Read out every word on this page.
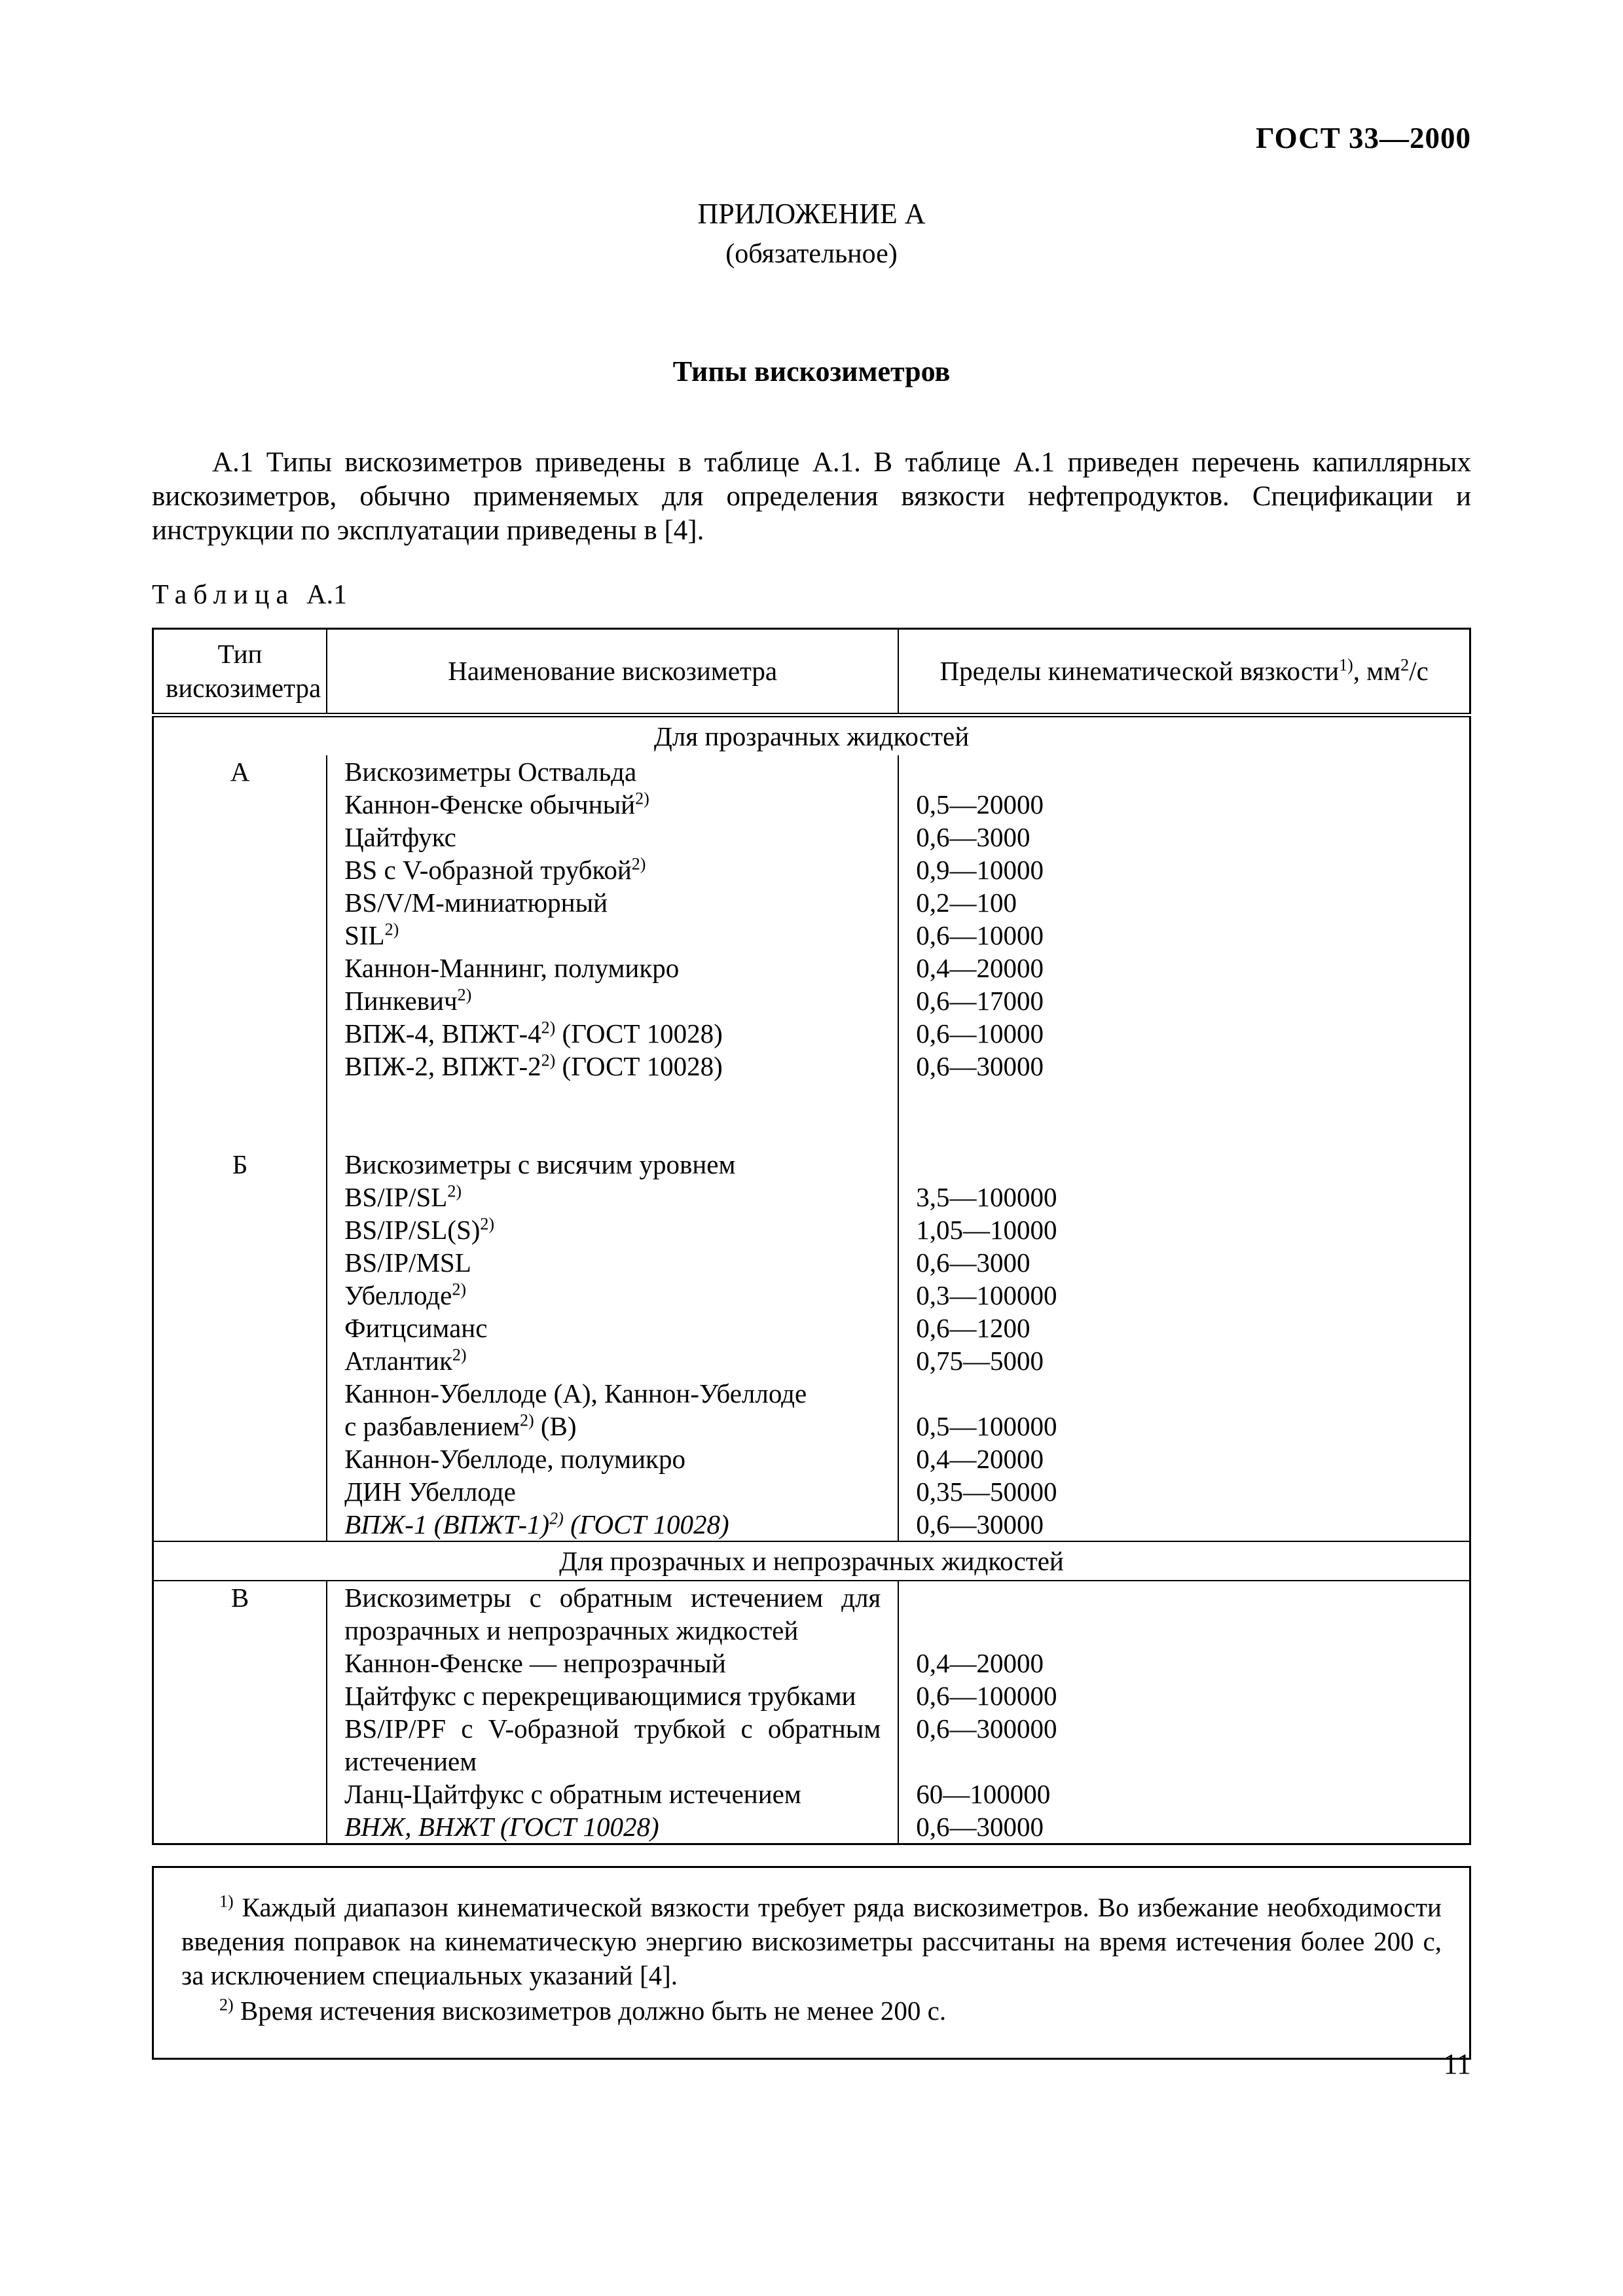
ГОСТ 33—2000
ПРИЛОЖЕНИЕ А
(обязательное)
Типы вискозиметров

А.1 Типы вискозиметров приведены в таблице А.1. В таблице А.1 приведен перечень капиллярных вискозиметров, обычно применяемых для определения вязкости нефтепродуктов. Спецификации и инструкции по эксплуатации приведены в [4].

Таблица А.1
Тип вискозиметра	Наименование вискозиметра	Пределы кинематической вязкости$^{1)}$, $мм^2/с$
Для прозрачных жидкостей		
А	Вискозиметры Оствальда	
	Каннон-Фенске обычный$^{2)}$	0,5—20000
	Цайтфукс	0,6—3000
	BS с V-образной трубкой$^{2)}$	0,9—10000
	BS/V/M-миниатюрный	0,2—100
	SIL$^{2)}$	0,6—10000
	Каннон-Маннинг, полумикро	0,4—20000
	Пинкевич$^{2)}$	0,6—17000
	ВПЖ-4, ВПЖТ-4$^{2)}$ (ГОСТ 10028)	0,6—10000
	ВПЖ-2, ВПЖТ-2$^{2)}$ (ГОСТ 10028)	0,6—30000

Б	Вискозиметры с висячим уровнем	
	BS/IP/SL$^{2)}$	3,5—100000
	$BS/IP/SL(S)^{2)}$	1,05—10000
	BS/IP/MSL	0,6—3000
	Убеллоде$^{2)}$	0,3—100000
	Фитцсиманс	0,6—1200
	Атлантик$^{2)}$	0,75—5000
	Каннон-Убеллоде (А), Каннон-Убеллоде	
	с разбавлением$^{2)}$ (В)	0,5—100000
	Каннон-Убеллоде, полумикро	0,4—20000
	ДИН Убеллоде	0,35—50000
	ВПЖ-1 (ВПЖТ-1)$^{2)}$ (ГОСТ 10028)	0,6—30000
Для прозрачных и непрозрачных жидкостей		
В	Вискозиметры с обратным истечением для прозрачных и непрозрачных жидкостей	
	Каннон-Фенске — непрозрачный	0,4—20000
	Цайтфукс с перекрещивающимися трубками	0,6—100000
	BS/IP/PF с V-образной трубкой с обратным истечением	0,6—300000
	Ланц-Цайтфукс с обратным истечением	60—100000
	ВНЖ, ВНЖТ (ГОСТ 10028)	0,6—30000

$^{1)}$ Каждый диапазон кинематической вязкости требует ряда вискозиметров. Во избежание необходимости введения поправок на кинематическую энергию вискозиметры рассчитаны на время истечения более 200 с, за исключением специальных указаний [4].

$^{2)}$ Время истечения вискозиметров должно быть не менее 200 с.

11
